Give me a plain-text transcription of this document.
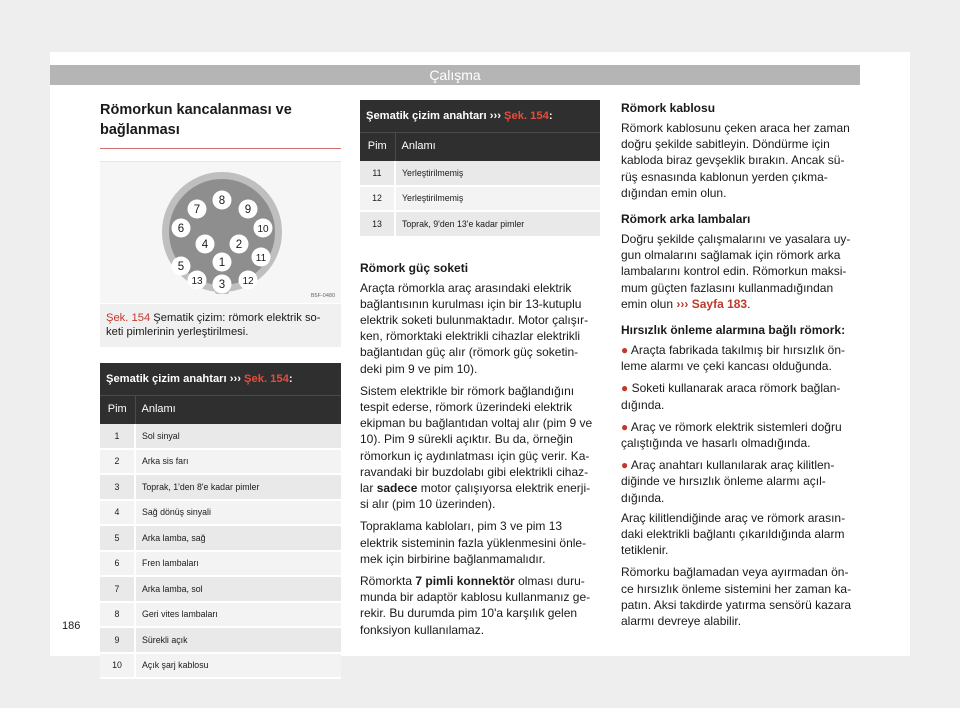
Çalışma
Römorkun kancalanması ve
bağlanması
1
2
3
4
5
6
7
8
9
10
11
12
13
B5F-0480
Şek. 154 Şematik çizim: römork elektrik so- keti pimlerinin yerleştirilmesi.
Şematik çizim anahtarı ››› Şek. 154:	
Pim	Anlamı
1	Sol sinyal
2	Arka sis farı
3	Toprak, 1'den 8'e kadar pimler
4	Sağ dönüş sinyali
5	Arka lamba, sağ
6	Fren lambaları
7	Arka lamba, sol
8	Geri vites lambaları
9	Sürekli açık
10	Açık şarj kablosu
Şematik çizim anahtarı ››› Şek. 154:	
Pim	Anlamı
11	Yerleştirilmemiş
12	Yerleştirilmemiş
13	Toprak, 9'den 13'e kadar pimler
Römork güç soketi

Araçta römorkla araç arasındaki elektrik bağlantısının kurulması için bir 13-kutuplu elektrik soketi bulunmaktadır. Motor çalışır- ken, römorktaki elektrikli cihazlar elektrikli bağlantıdan güç alır (römork güç soketin- deki pim 9 ve pim 10).

Sistem elektrikle bir römork bağlandığını tespit ederse, römork üzerindeki elektrik ekipman bu bağlantıdan voltaj alır (pim 9 ve 10). Pim 9 sürekli açıktır. Bu da, örneğin römorkun iç aydınlatması için güç verir. Ka- ravandaki bir buzdolabı gibi elektrikli cihaz- lar sadece motor çalışıyorsa elektrik enerji- si alır (pim 10 üzerinden).

Topraklama kabloları, pim 3 ve pim 13 elektrik sisteminin fazla yüklenmesini önle- mek için birbirine bağlanmamalıdır.

Römorkta 7 pimli konnektör olması duru- munda bir adaptör kablosu kullanmanız ge- rekir. Bu durumda pim 10'a karşılık gelen fonksiyon kullanılamaz.

Römork kablosu

Römork kablosunu çeken araca her zaman doğru şekilde sabitleyin. Döndürme için kabloda biraz gevşeklik bırakın. Ancak sü- rüş esnasında kablonun yerden çıkma- dığından emin olun.

Römork arka lambaları

Doğru şekilde çalışmalarını ve yasalara uy- gun olmalarını sağlamak için römork arka lambalarını kontrol edin. Römorkun maksi- mum güçten fazlasını kullanmadığından emin olun ››› Sayfa 183.

Hırsızlık önleme alarmına bağlı römork:

● Araçta fabrikada takılmış bir hırsızlık ön- leme alarmı ve çeki kancası olduğunda.

● Soketi kullanarak araca römork bağlan- dığında.

● Araç ve römork elektrik sistemleri doğru çalıştığında ve hasarlı olmadığında.

● Araç anahtarı kullanılarak araç kilitlen- diğinde ve hırsızlık önleme alarmı açıl- dığında.

Araç kilitlendiğinde araç ve römork arasın- daki elektrikli bağlantı çıkarıldığında alarm tetiklenir.

Römorku bağlamadan veya ayırmadan ön- ce hırsızlık önleme sistemini her zaman ka- patın. Aksi takdirde yatırma sensörü kazara alarmı devreye alabilir.

186
